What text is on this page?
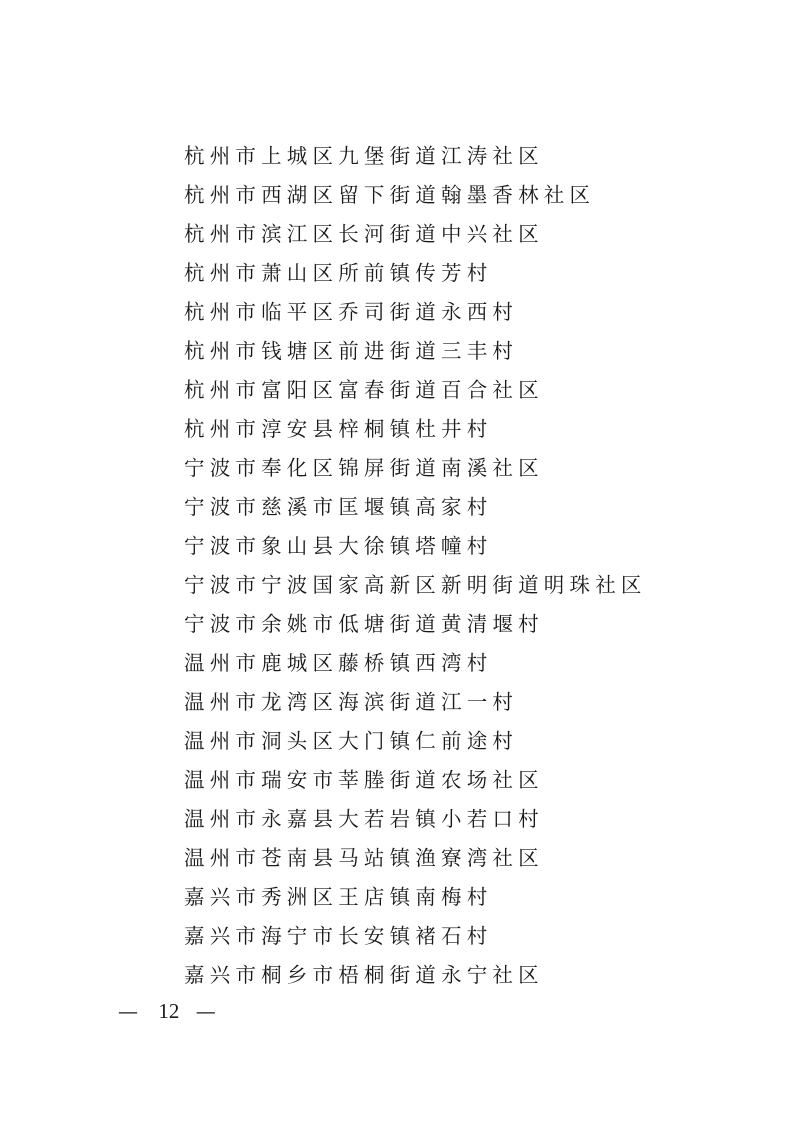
杭州市上城区九堡街道江涛社区
杭州市西湖区留下街道翰墨香林社区
杭州市滨江区长河街道中兴社区
杭州市萧山区所前镇传芳村
杭州市临平区乔司街道永西村
杭州市钱塘区前进街道三丰村
杭州市富阳区富春街道百合社区
杭州市淳安县梓桐镇杜井村
宁波市奉化区锦屏街道南溪社区
宁波市慈溪市匡堰镇高家村
宁波市象山县大徐镇塔幢村
宁波市宁波国家高新区新明街道明珠社区
宁波市余姚市低塘街道黄清堰村
温州市鹿城区藤桥镇西湾村
温州市龙湾区海滨街道江一村
温州市洞头区大门镇仁前途村
温州市瑞安市莘塍街道农场社区
温州市永嘉县大若岩镇小若口村
温州市苍南县马站镇渔寮湾社区
嘉兴市秀洲区王店镇南梅村
嘉兴市海宁市长安镇褚石村
嘉兴市桐乡市梧桐街道永宁社区
— 12 —
